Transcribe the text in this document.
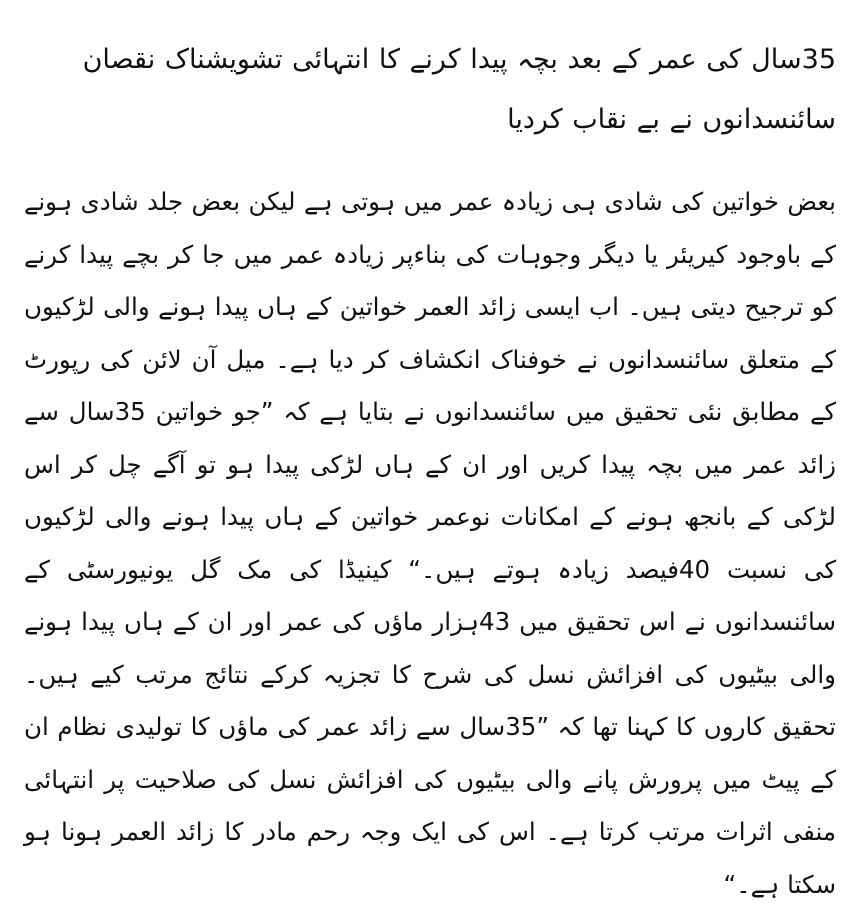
35سال کی عمر کے بعد بچہ پیدا کرنے کا انتہائی تشویشناک نقصان سائنسدانوں نے بے نقاب کردیا

بعض خواتین کی شادی ہی زیادہ عمر میں ہوتی ہے لیکن بعض جلد شادی ہونے کے باوجود کیریئر یا دیگر وجوہات کی بناءپر زیادہ عمر میں جا کر بچے پیدا کرنے کو ترجیح دیتی ہیں۔ اب ایسی زائد العمر خواتین کے ہاں پیدا ہونے والی لڑکیوں کے متعلق سائنسدانوں نے خوفناک انکشاف کر دیا ہے۔ میل آن لائن کی رپورٹ کے مطابق نئی تحقیق میں سائنسدانوں نے بتایا ہے کہ ”جو خواتین 35سال سے زائد عمر میں بچہ پیدا کریں اور ان کے ہاں لڑکی پیدا ہو تو آگے چل کر اس لڑکی کے بانجھ ہونے کے امکانات نوعمر خواتین کے ہاں پیدا ہونے والی لڑکیوں کی نسبت 40فیصد زیادہ ہوتے ہیں۔“ کینیڈا کی مک گل یونیورسٹی کے سائنسدانوں نے اس تحقیق میں 43ہزار ماﺅں کی عمر اور ان کے ہاں پیدا ہونے والی بیٹیوں کی افزائش نسل کی شرح کا تجزیہ کرکے نتائج مرتب کیے ہیں۔ تحقیق کاروں کا کہنا تھا کہ ”35سال سے زائد عمر کی ماﺅں کا تولیدی نظام ان کے پیٹ میں پرورش پانے والی بیٹیوں کی افزائش نسل کی صلاحیت پر انتہائی منفی اثرات مرتب کرتا ہے۔ اس کی ایک وجہ رحم مادر کا زائد العمر ہونا ہو سکتا ہے۔“
